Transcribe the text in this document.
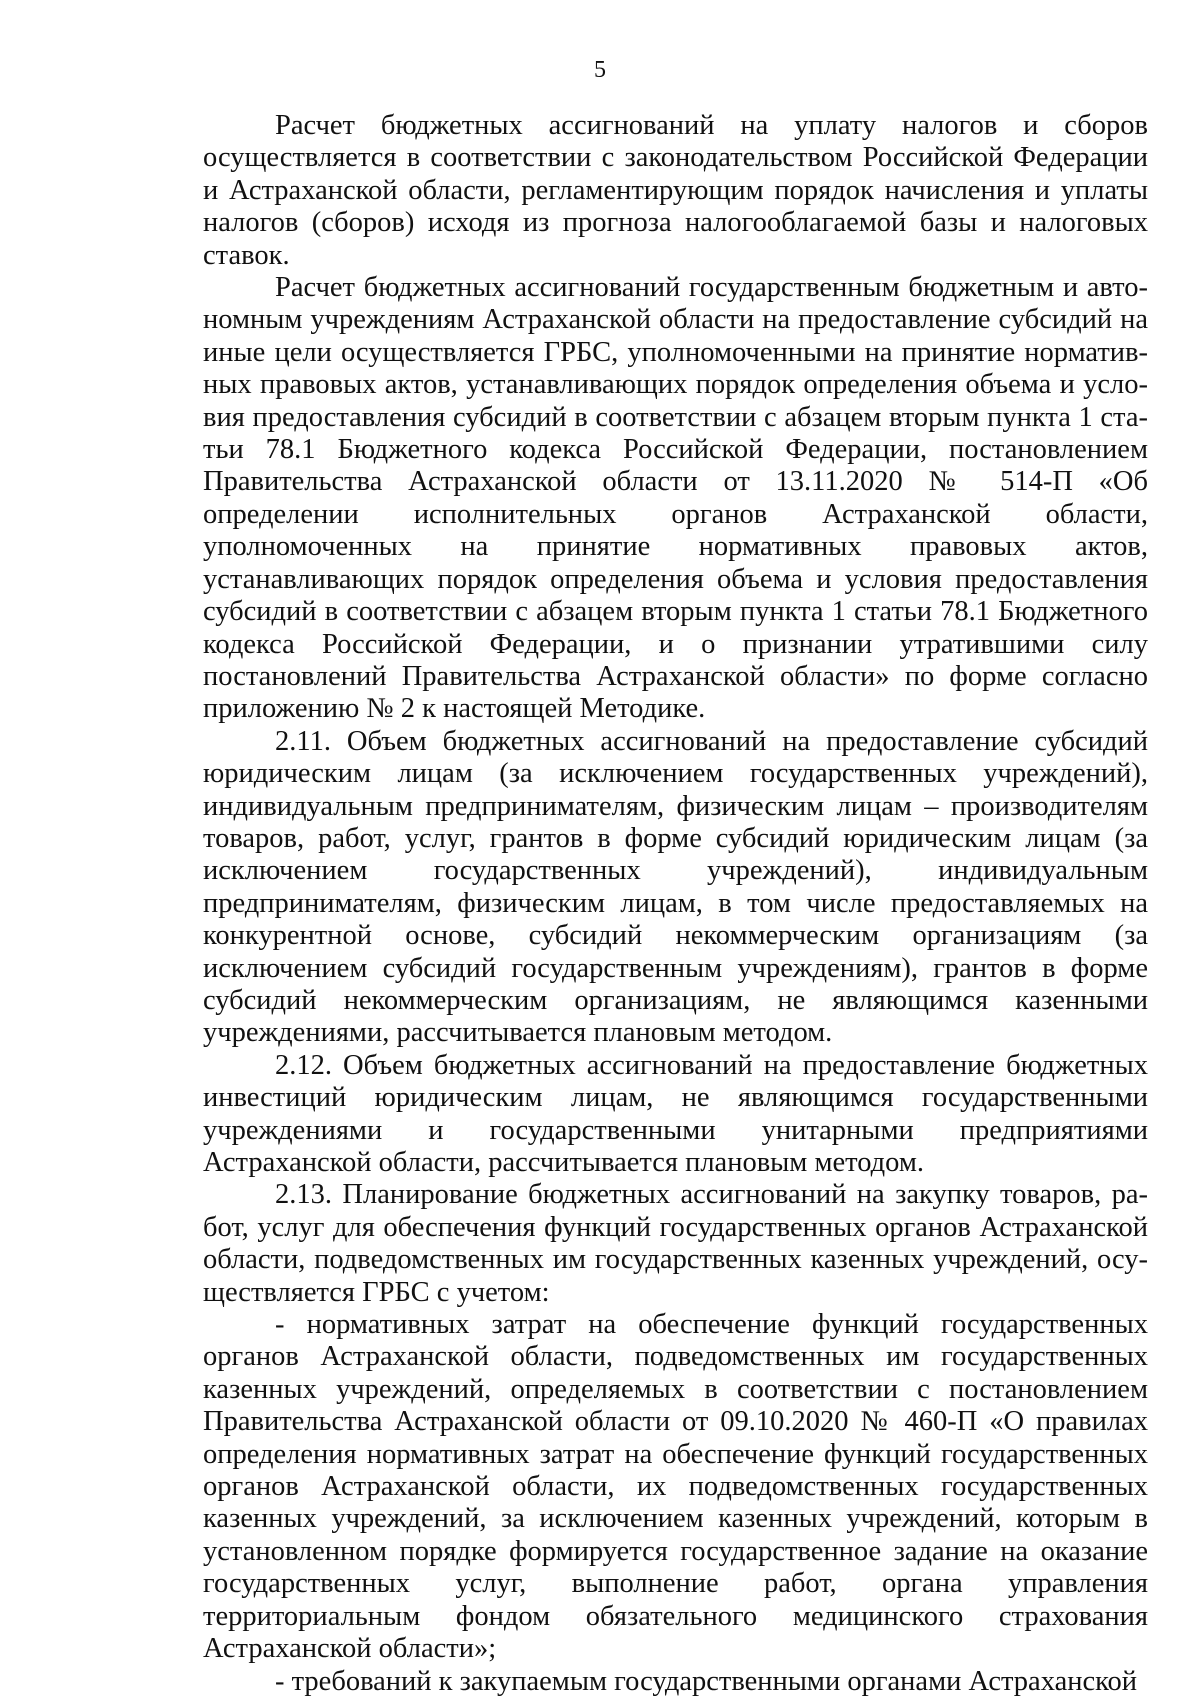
5

Расчет бюджетных ассигнований на уплату налогов и сборов осуществляется в соответствии с законодательством Российской Федерации и Астраханской области, регламентирующим порядок начисления и уплаты налогов (сборов) исходя из прогноза налогооблагаемой базы и налоговых ставок.

Расчет бюджетных ассигнований государственным бюджетным и автономным учреждениям Астраханской области на предоставление субсидий на иные цели осуществляется ГРБС, уполномоченными на принятие нормативных правовых актов, устанавливающих порядок определения объема и условия предоставления субсидий в соответствии с абзацем вторым пункта 1 статьи 78.1 Бюджетного кодекса Российской Федерации, постановлением Правительства Астраханской области от 13.11.2020 № 514-П «Об определении исполнительных органов Астраханской области, уполномоченных на принятие нормативных правовых актов, устанавливающих порядок определения объема и условия предоставления субсидий в соответствии с абзацем вторым пункта 1 статьи 78.1 Бюджетного кодекса Российской Федерации, и о признании утратившими силу постановлений Правительства Астраханской области» по форме согласно приложению № 2 к настоящей Методике.

2.11. Объем бюджетных ассигнований на предоставление субсидий юридическим лицам (за исключением государственных учреждений), индивидуальным предпринимателям, физическим лицам – производителям товаров, работ, услуг, грантов в форме субсидий юридическим лицам (за исключением государственных учреждений), индивидуальным предпринимателям, физическим лицам, в том числе предоставляемых на конкурентной основе, субсидий некоммерческим организациям (за исключением субсидий государственным учреждениям), грантов в форме субсидий некоммерческим организациям, не являющимся казенными учреждениями, рассчитывается плановым методом.

2.12. Объем бюджетных ассигнований на предоставление бюджетных инвестиций юридическим лицам, не являющимся государственными учреждениями и государственными унитарными предприятиями Астраханской области, рассчитывается плановым методом.

2.13. Планирование бюджетных ассигнований на закупку товаров, работ, услуг для обеспечения функций государственных органов Астраханской области, подведомственных им государственных казенных учреждений, осуществляется ГРБС с учетом:

- нормативных затрат на обеспечение функций государственных органов Астраханской области, подведомственных им государственных казенных учреждений, определяемых в соответствии с постановлением Правительства Астраханской области от 09.10.2020 № 460-П «О правилах определения нормативных затрат на обеспечение функций государственных органов Астраханской области, их подведомственных государственных казенных учреждений, за исключением казенных учреждений, которым в установленном порядке формируется государственное задание на оказание государственных услуг, выполнение работ, органа управления территориальным фондом обязательного медицинского страхования Астраханской области»;

- требований к закупаемым государственными органами Астраханской
